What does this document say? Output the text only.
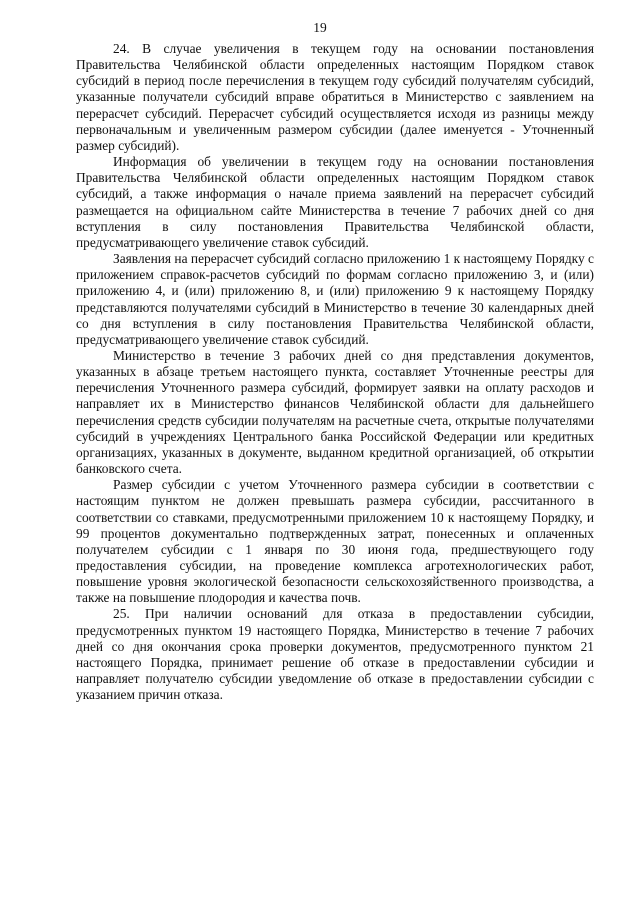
19

24. В случае увеличения в текущем году на основании постановления Правительства Челябинской области определенных настоящим Порядком ставок субсидий в период после перечисления в текущем году субсидий получателям субсидий, указанные получатели субсидий вправе обратиться в Министерство с заявлением на перерасчет субсидий. Перерасчет субсидий осуществляется исходя из разницы между первоначальным и увеличенным размером субсидии (далее именуется - Уточненный размер субсидий).

Информация об увеличении в текущем году на основании постановления Правительства Челябинской области определенных настоящим Порядком ставок субсидий, а также информация о начале приема заявлений на перерасчет субсидий размещается на официальном сайте Министерства в течение 7 рабочих дней со дня вступления в силу постановления Правительства Челябинской области, предусматривающего увеличение ставок субсидий.

Заявления на перерасчет субсидий согласно приложению 1 к настоящему Порядку с приложением справок-расчетов субсидий по формам согласно приложению 3, и (или) приложению 4, и (или) приложению 8, и (или) приложению 9 к настоящему Порядку представляются получателями субсидий в Министерство в течение 30 календарных дней со дня вступления в силу постановления Правительства Челябинской области, предусматривающего увеличение ставок субсидий.

Министерство в течение 3 рабочих дней со дня представления документов, указанных в абзаце третьем настоящего пункта, составляет Уточненные реестры для перечисления Уточненного размера субсидий, формирует заявки на оплату расходов и направляет их в Министерство финансов Челябинской области для дальнейшего перечисления средств субсидии получателям на расчетные счета, открытые получателями субсидий в учреждениях Центрального банка Российской Федерации или кредитных организациях, указанных в документе, выданном кредитной организацией, об открытии банковского счета.

Размер субсидии с учетом Уточненного размера субсидии в соответствии с настоящим пунктом не должен превышать размера субсидии, рассчитанного в соответствии со ставками, предусмотренными приложением 10 к настоящему Порядку, и 99 процентов документально подтвержденных затрат, понесенных и оплаченных получателем субсидии с 1 января по 30 июня года, предшествующего году предоставления субсидии, на проведение комплекса агротехнологических работ, повышение уровня экологической безопасности сельскохозяйственного производства, а также на повышение плодородия и качества почв.

25. При наличии оснований для отказа в предоставлении субсидии, предусмотренных пунктом 19 настоящего Порядка, Министерство в течение 7 рабочих дней со дня окончания срока проверки документов, предусмотренного пунктом 21 настоящего Порядка, принимает решение об отказе в предоставлении субсидии и направляет получателю субсидии уведомление об отказе в предоставлении субсидии с указанием причин отказа.
